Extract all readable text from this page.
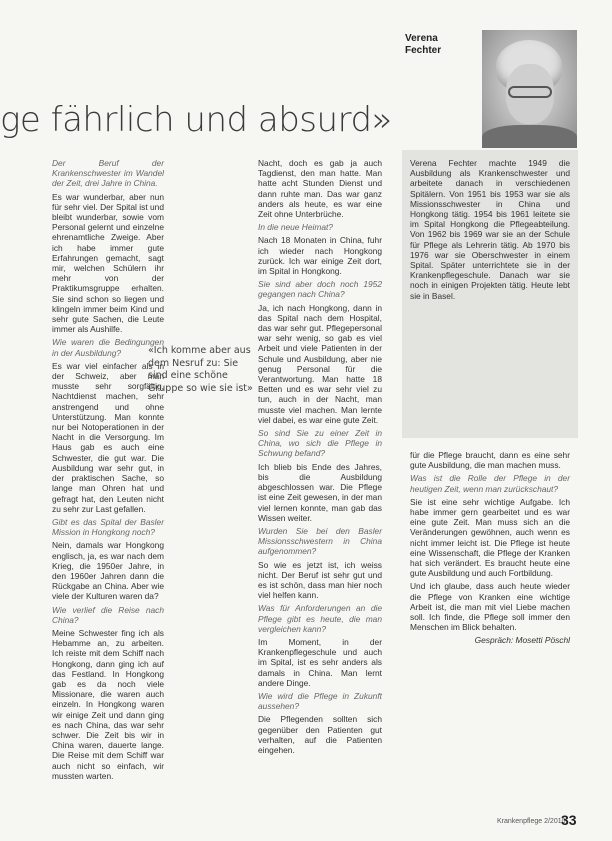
ge fährlich und absurd»
Verena Fechter

Der Beruf der Krankenschwester im Wandel der Zeit, drei Jahre in China.

Es war wunderbar, aber nun für sehr viel. Der Spital ist und bleibt wunderbar, sowie vom Personal gelernt und einzelne ehrenamtliche Zweige. Aber ich habe immer gute Erfahrungen gemacht, sagt mir, welchen Schülern ihr mehr von der Praktikumsgruppe erhalten. Sie sind schon so liegen und klingeln immer beim Kind und sehr gute Sachen, die Leute immer als Aushilfe.

Wie waren die Bedingungen in der Ausbildung?

Es war viel einfacher als in der Schweiz, aber man musste sehr sorgfältig, Nachtdienst machen, sehr anstrengend und ohne Unterstützung. Man konnte nur bei Notoperationen in der Nacht in die Versorgung. Im Haus gab es auch eine Schwester, die gut war. Die Ausbildung war sehr gut, in der praktischen Sache, so lange man Ohren hat und gefragt hat, den Leuten nicht zu sehr zur Last gefallen.

Gibt es das Spital der Basler Mission in Hongkong noch?

Nein, damals war Hongkong englisch, ja, es war nach dem Krieg, die 1950er Jahre, in den 1960er Jahren dann die Rückgabe an China. Aber wie viele der Kulturen waren da?

Wie verlief die Reise nach China?

Meine Schwester fing ich als Hebamme an, zu arbeiten. Ich reiste mit dem Schiff nach Hongkong, dann ging ich auf das Festland. In Hongkong gab es da noch viele Missionare, die waren auch einzeln. In Hongkong waren wir einige Zeit und dann ging es nach China, das war sehr schwer. Die Zeit bis wir in China waren, dauerte lange. Die Reise mit dem Schiff war auch nicht so einfach, wir mussten warten.

Nacht, doch es gab ja auch Tagdienst, den man hatte. Man hatte acht Stunden Dienst und dann ruhte man. Das war ganz anders als heute, es war eine Zeit ohne Unterbrüche.

In die neue Heimat?

Nach 18 Monaten in China, fuhr ich wieder nach Hongkong zurück. Ich war einige Zeit dort, im Spital in Hongkong.

Sie sind aber doch noch 1952 gegangen nach China?

Ja, ich nach Hongkong, dann in das Spital nach dem Hospital, das war sehr gut. Pflegepersonal war sehr wenig, so gab es viel Arbeit und viele Patienten in der Schule und Ausbildung, aber nie genug Personal für die Verantwortung. Man hatte 18 Betten und es war sehr viel zu tun, auch in der Nacht, man musste viel machen. Man lernte viel dabei, es war eine gute Zeit.

So sind Sie zu einer Zeit in China, wo sich die Pflege in Schwung befand?

Ich blieb bis Ende des Jahres, bis die Ausbildung abgeschlossen war. Die Pflege ist eine Zeit gewesen, in der man viel lernen konnte, man gab das Wissen weiter.

Wurden Sie bei den Basler Missionsschwestern in China aufgenommen?

So wie es jetzt ist, ich weiss nicht. Der Beruf ist sehr gut und es ist schön, dass man hier noch viel helfen kann.

Was für Anforderungen an die Pflege gibt es heute, die man vergleichen kann?

Im Moment, in der Krankenpflegeschule und auch im Spital, ist es sehr anders als damals in China. Man lernt andere Dinge.

Wie wird die Pflege in Zukunft aussehen?

Die Pflegenden sollten sich gegenüber den Patienten gut verhalten, auf die Patienten eingehen.

Verena Fechter machte 1949 die Ausbildung als Krankenschwester und arbeitete danach in verschiedenen Spitälern. Von 1951 bis 1953 war sie als Missionsschwester in China und Hongkong tätig. 1954 bis 1961 leitete sie im Spital Hongkong die Pflegeabteilung. Von 1962 bis 1969 war sie an der Schule für Pflege als Lehrerin tätig. Ab 1970 bis 1976 war sie Oberschwester in einem Spital. Später unterrichtete sie in der Krankenpflegeschule. Danach war sie noch in einigen Projekten tätig. Heute lebt sie in Basel.

für die Pflege braucht, dann es eine sehr gute Ausbildung, die man machen muss.

Was ist die Rolle der Pflege in der heutigen Zeit, wenn man zurückschaut?

Sie ist eine sehr wichtige Aufgabe. Ich habe immer gern gearbeitet und es war eine gute Zeit. Man muss sich an die Veränderungen gewöhnen, auch wenn es nicht immer leicht ist. Die Pflege ist heute eine Wissenschaft, die Pflege der Kranken hat sich verändert. Es braucht heute eine gute Ausbildung und auch Fortbildung.

Und ich glaube, dass auch heute wieder die Pflege von Kranken eine wichtige Arbeit ist, die man mit viel Liebe machen soll. Ich finde, die Pflege soll immer den Menschen im Blick behalten.

Gespräch: Mosetti Pöschl

«Ich komme aber aus dem Nesruf zu: Sie sind eine schöne Gruppe so wie sie ist»
Krankenpflege 2/2010
33
